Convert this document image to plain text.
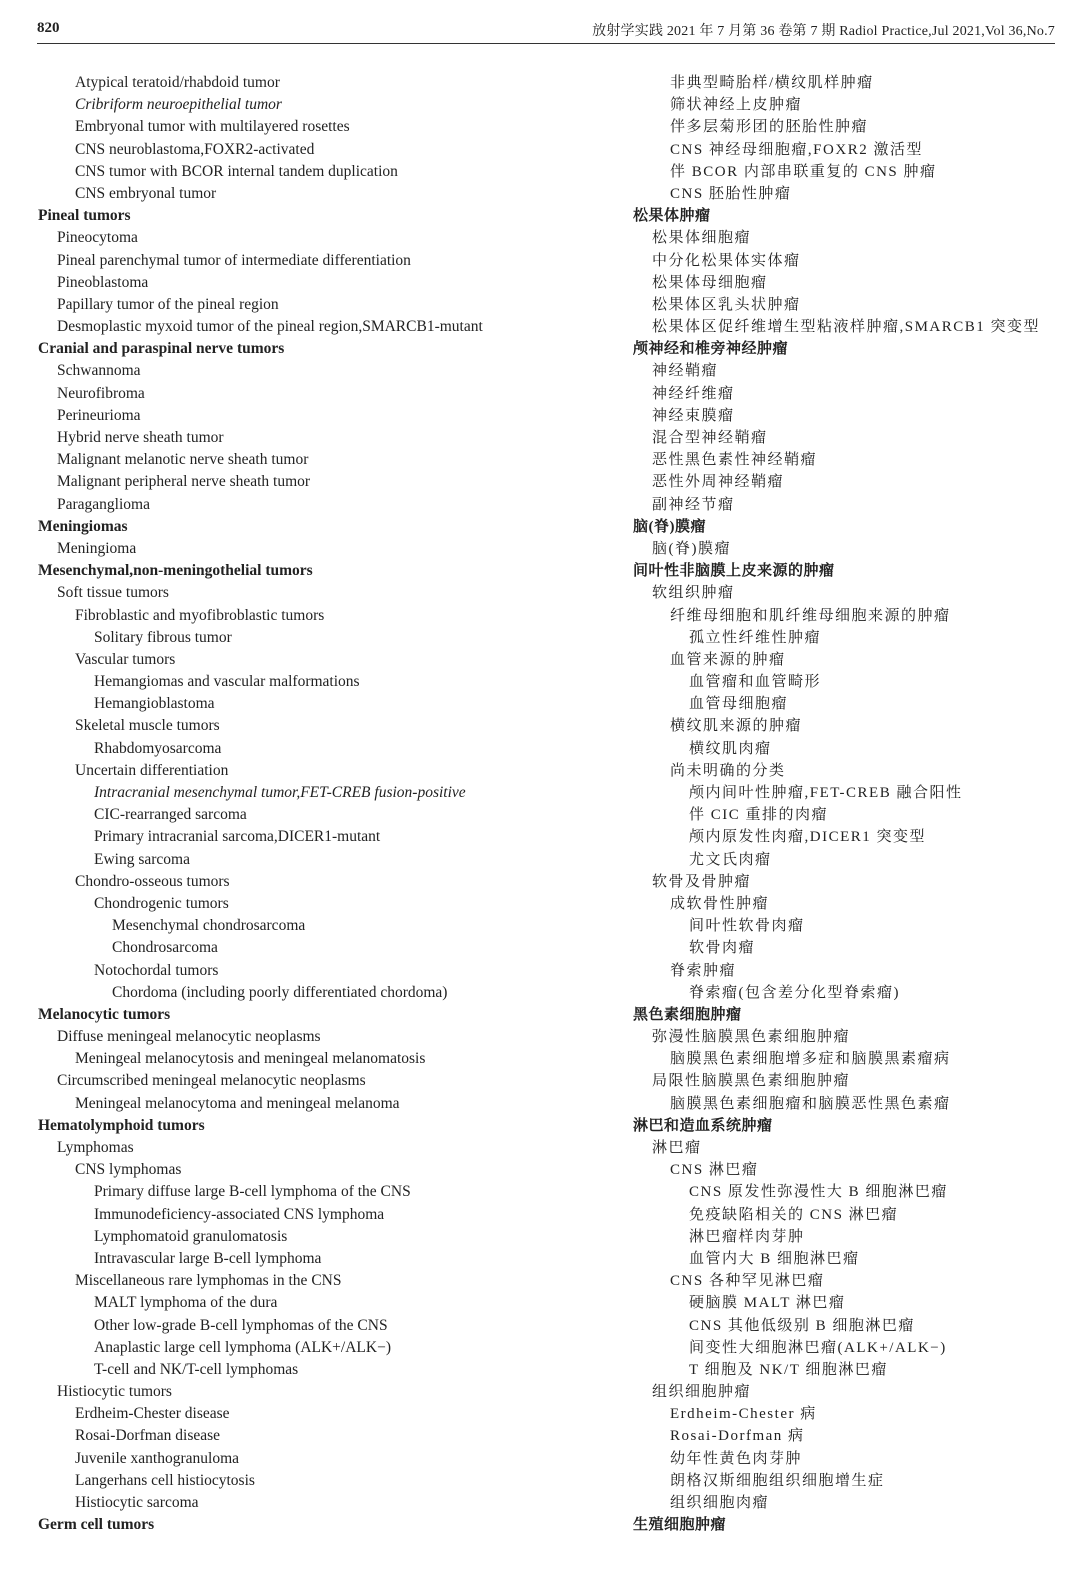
820	放射学实践 2021 年 7 月第 36 卷第 7 期 Radiol Practice,Jul 2021,Vol 36,No.7
Atypical teratoid/rhabdoid tumor
Cribriform neuroepithelial tumor
Embryonal tumor with multilayered rosettes
CNS neuroblastoma,FOXR2-activated
CNS tumor with BCOR internal tandem duplication
CNS embryonal tumor
Pineal tumors
Pineocytoma
Pineal parenchymal tumor of intermediate differentiation
Pineoblastoma
Papillary tumor of the pineal region
Desmoplastic myxoid tumor of the pineal region,SMARCB1-mutant
Cranial and paraspinal nerve tumors
Schwannoma
Neurofibroma
Perineurioma
Hybrid nerve sheath tumor
Malignant melanotic nerve sheath tumor
Malignant peripheral nerve sheath tumor
Paraganglioma
Meningiomas
Meningioma
Mesenchymal,non-meningothelial tumors
Soft tissue tumors
Fibroblastic and myofibroblastic tumors
Solitary fibrous tumor
Vascular tumors
Hemangiomas and vascular malformations
Hemangioblastoma
Skeletal muscle tumors
Rhabdomyosarcoma
Uncertain differentiation
Intracranial mesenchymal tumor,FET-CREB fusion-positive
CIC-rearranged sarcoma
Primary intracranial sarcoma,DICER1-mutant
Ewing sarcoma
Chondro-osseous tumors
Chondrogenic tumors
Mesenchymal chondrosarcoma
Chondrosarcoma
Notochordal tumors
Chordoma (including poorly differentiated chordoma)
Melanocytic tumors
Diffuse meningeal melanocytic neoplasms
Meningeal melanocytosis and meningeal melanomatosis
Circumscribed meningeal melanocytic neoplasms
Meningeal melanocytoma and meningeal melanoma
Hematolymphoid tumors
Lymphomas
CNS lymphomas
Primary diffuse large B-cell lymphoma of the CNS
Immunodeficiency-associated CNS lymphoma
Lymphomatoid granulomatosis
Intravascular large B-cell lymphoma
Miscellaneous rare lymphomas in the CNS
MALT lymphoma of the dura
Other low-grade B-cell lymphomas of the CNS
Anaplastic large cell lymphoma (ALK+/ALK−)
T-cell and NK/T-cell lymphomas
Histiocytic tumors
Erdheim-Chester disease
Rosai-Dorfman disease
Juvenile xanthogranuloma
Langerhans cell histiocytosis
Histiocytic sarcoma
Germ cell tumors
非典型畸胎样/横纹肌样肿瘤
筛状神经上皮肿瘤
伴多层菊形团的胚胎性肿瘤
CNS 神经母细胞瘤,FOXR2 激活型
伴 BCOR 内部串联重复的 CNS 肿瘤
CNS 胚胎性肿瘤
松果体肿瘤
松果体细胞瘤
中分化松果体实体瘤
松果体母细胞瘤
松果体区乳头状肿瘤
松果体区促纤维增生型粘液样肿瘤,SMARCB1 突变型
颅神经和椎旁神经肿瘤
神经鞘瘤
神经纤维瘤
神经束膜瘤
混合型神经鞘瘤
恶性黑色素性神经鞘瘤
恶性外周神经鞘瘤
副神经节瘤
脑(脊)膜瘤
脑(脊)膜瘤
间叶性非脑膜上皮来源的肿瘤
软组织肿瘤
纤维母细胞和肌纤维母细胞来源的肿瘤
孤立性纤维性肿瘤
血管来源的肿瘤
血管瘤和血管畸形
血管母细胞瘤
横纹肌来源的肿瘤
横纹肌肉瘤
尚未明确的分类
颅内间叶性肿瘤,FET-CREB 融合阳性
伴 CIC 重排的肉瘤
颅内原发性肉瘤,DICER1 突变型
尤文氏肉瘤
软骨及骨肿瘤
成软骨性肿瘤
间叶性软骨肉瘤
软骨肉瘤
脊索肿瘤
脊索瘤(包含差分化型脊索瘤)
黑色素细胞肿瘤
弥漫性脑膜黑色素细胞肿瘤
脑膜黑色素细胞增多症和脑膜黑素瘤病
局限性脑膜黑色素细胞肿瘤
脑膜黑色素细胞瘤和脑膜恶性黑色素瘤
淋巴和造血系统肿瘤
淋巴瘤
CNS 淋巴瘤
CNS 原发性弥漫性大 B 细胞淋巴瘤
免疫缺陷相关的 CNS 淋巴瘤
淋巴瘤样肉芽肿
血管内大 B 细胞淋巴瘤
CNS 各种罕见淋巴瘤
硬脑膜 MALT 淋巴瘤
CNS 其他低级别 B 细胞淋巴瘤
间变性大细胞淋巴瘤(ALK+/ALK−)
T 细胞及 NK/T 细胞淋巴瘤
组织细胞肿瘤
Erdheim-Chester 病
Rosai-Dorfman 病
幼年性黄色肉芽肿
朗格汉斯细胞组织细胞增生症
组织细胞肉瘤
生殖细胞肿瘤
